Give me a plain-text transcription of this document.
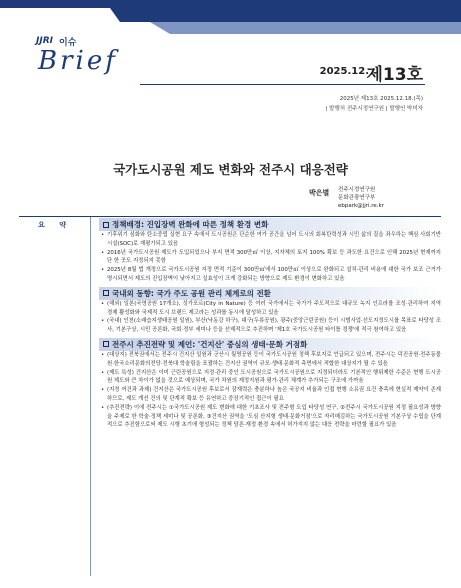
JJRI 이슈
Brief	2025.12.
제13호
2025년 제13호 2025.12.18.(목)
| 발행처 전주시정연구원 | 발행인 박미자
국가도시공원 제도 변화와 전주시 대응전략
박은별 전주시정연구원
문화관광연구부
ebpark@jjri.re.kr
요 약	정책배경: 진입장벽 완화에 따른 정책 환경 변화
• 기후위기 심화와 탄소중립 실현 요구 속에서 도시공원은 단순한 여가 공간을 넘어 도시의 회복탄력성과 시민 삶의 질을 좌우하는 핵심 사회기반시설(SOC)로 재평가되고 있음
• 2016년 국가도시공원 제도가 도입되었으나 부지 면적 300만㎡ 이상, 지자체의 토지 100% 확보 등 과도한 요건으로 인해 2025년 현재까지 단 한 곳도 지정되지 못함
• 2025년 8월 법 개정으로 국가도시공원 지정 면적 기준이 300만㎡에서 100만㎡ 이상으로 완화되고 설치·관리 비용에 대한 국가 보조 근거가 명시되면서 제도의 진입장벽이 낮아지고 실효성이 크게 강화되는 방향으로 제도 환경이 변화하고 있음
국내외 동향: 국가 주도 공원 관리 체계로의 전환
• (해외) 일본(국영공원 17개소), 싱가포르(City in Nature) 등 여러 국가에서는 국가가 주도적으로 대규모 녹지 인프라를 조성·관리하여 지역 경제 활성화와 국제적 도시 브랜드 제고라는 성과를 동시에 달성하고 있음
• (국내) 인천(소래습지생태공원 일원), 부산(낙동강 하구), 대구(두류공원), 광주(중앙근린공원) 등이 시범사업·선도지정도시를 목표로 타당성 조사, 기본구상, 시민 공론화, 국회·정부 세미나 등을 선제적으로 추진하며 '제1호 국가도시공원 타이틀 경쟁'에 적극 참여하고 있음
전주시 추진전략 및 제언: '건지산' 중심의 생태·문화 거점화
• (대상지) 전북권에서는 전주시 건지산 일원과 군산시 월명공원 등이 국가도시공원 정책 후보지로 언급되고 있으며, 전주시는 덕진공원·전주동물원·한국소리문화의전당·전북대 학술림을 포괄하는 건지산 권역이 규모·생태·문화적 측면에서 적합한 대상지가 될 수 있음
• (제도 특성) 건지산은 이미 근린공원으로 지정·관리 중인 도시공원으로 국가도시공원으로 지정되더라도 기본적인 행위제한 수준은 현행 도시공원 제도와 큰 차이가 없을 것으로 예상되며, 국가 차원의 재정지원과 평가·관리 체계가 추가되는 구조에 가까움
• (지정 여건과 과제) 건지산은 국가도시공원 후보로서 잠재력은 충분하나 높은 국공지 비율과 인접 현행 소유권 요건 충족에 현실적 제약이 존재하므로, 제도 개선 건의 및 단계적 확보 등 유연하고 중장기적인 접근이 필요
• (추진전략) 이에 전주시는 ①국가도시공원 제도 변화에 대한 기초조사 및 전주형 도입 타당성 연구, ②전주시 국가도시공원 지정 필요성과 방향을 주제로 한 학술·정책 세미나 및 공론화, ③건지산 권역을 '도심 산지형 생태·문화거점'으로 자리매김하는 국가도시공원 기본구상 수립을 단계적으로 추진함으로써 제도 시행 초기에 형성되는 정책 담론·재정 환경 속에서 허가지지 않는 대응 전략을 마련할 필요가 있음
